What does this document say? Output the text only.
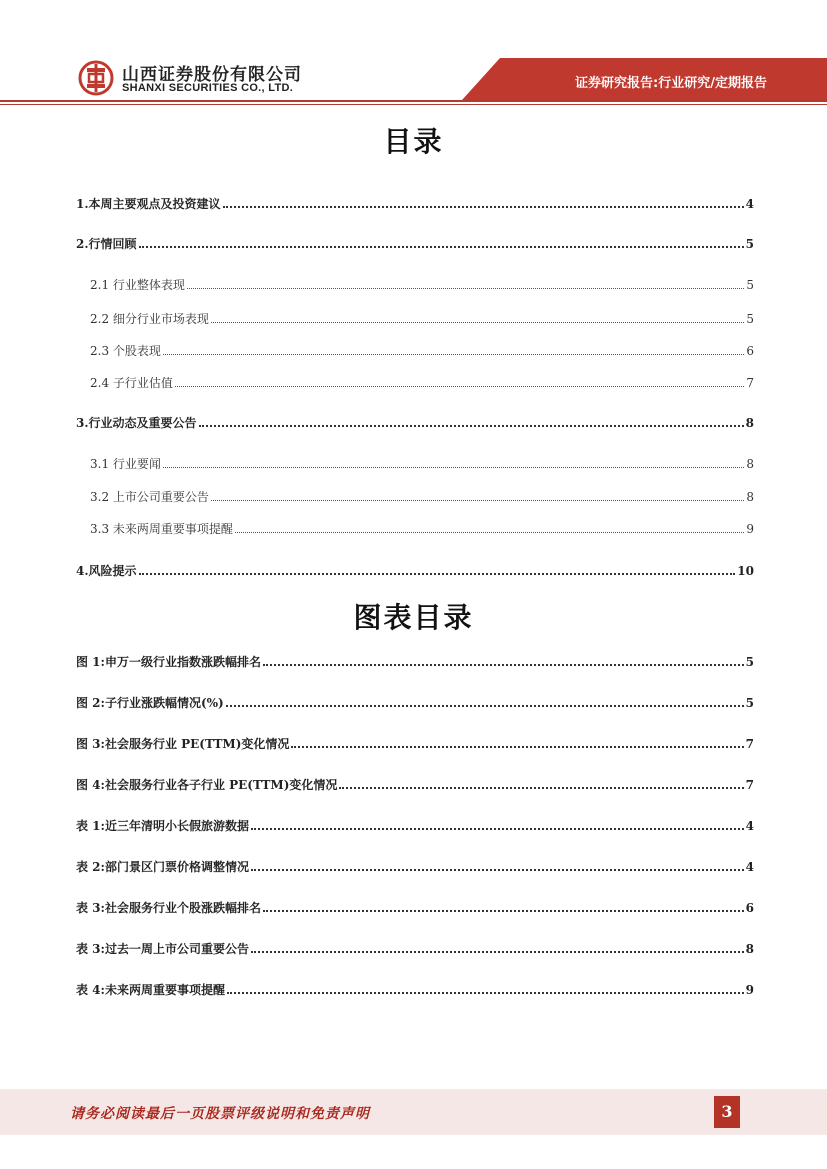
山西证券股份有限公司
SHANXI SECURITIES CO., LTD.	证券研究报告:行业研究/定期报告
目录
1.本周主要观点及投资建议	4
2.行情回顾	5
2.1 行业整体表现	5
2.2 细分行业市场表现	5
2.3 个股表现	6
2.4 子行业估值	7
3.行业动态及重要公告	8
3.1 行业要闻	8
3.2 上市公司重要公告	8
3.3 未来两周重要事项提醒	9
4.风险提示	10
图表目录
图 1:申万一级行业指数涨跌幅排名	5
图 2:子行业涨跌幅情况(%)	5
图 3:社会服务行业 PE(TTM)变化情况	7
图 4:社会服务行业各子行业 PE(TTM)变化情况	7
表 1:近三年清明小长假旅游数据	4
表 2:部门景区门票价格调整情况	4
表 3:社会服务行业个股涨跌幅排名	6
表 3:过去一周上市公司重要公告	8
表 4:未来两周重要事项提醒	9
请务必阅读最后一页股票评级说明和免责声明	3
